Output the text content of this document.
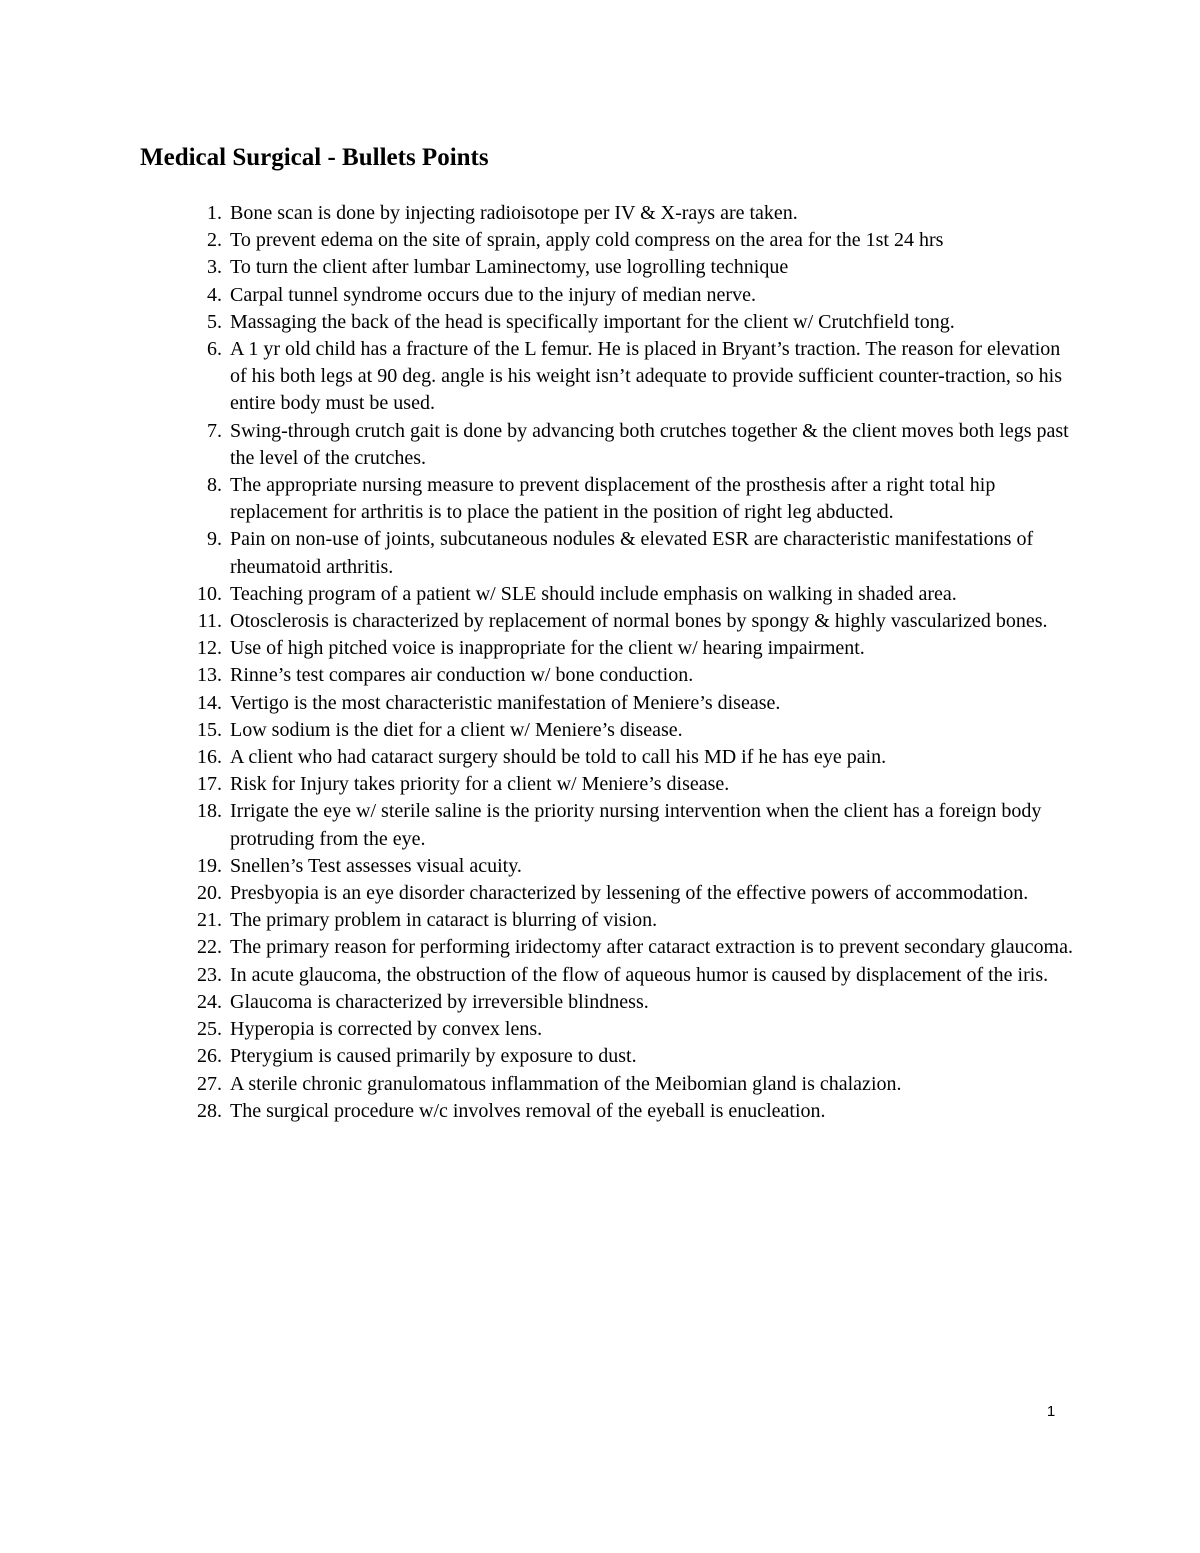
Medical Surgical - Bullets Points
1. Bone scan is done by injecting radioisotope per IV & X-rays are taken.
2. To prevent edema on the site of sprain, apply cold compress on the area for the 1st 24 hrs
3. To turn the client after lumbar Laminectomy, use logrolling technique
4. Carpal tunnel syndrome occurs due to the injury of median nerve.
5. Massaging the back of the head is specifically important for the client w/ Crutchfield tong.
6. A 1 yr old child has a fracture of the L femur. He is placed in Bryant’s traction. The reason for elevation of his both legs at 90 deg. angle is his weight isn’t adequate to provide sufficient counter-traction, so his entire body must be used.
7. Swing-through crutch gait is done by advancing both crutches together & the client moves both legs past the level of the crutches.
8. The appropriate nursing measure to prevent displacement of the prosthesis after a right total hip replacement for arthritis is to place the patient in the position of right leg abducted.
9. Pain on non-use of joints, subcutaneous nodules & elevated ESR are characteristic manifestations of rheumatoid arthritis.
10. Teaching program of a patient w/ SLE should include emphasis on walking in shaded area.
11. Otosclerosis is characterized by replacement of normal bones by spongy & highly vascularized bones.
12. Use of high pitched voice is inappropriate for the client w/ hearing impairment.
13. Rinne’s test compares air conduction w/ bone conduction.
14. Vertigo is the most characteristic manifestation of Meniere’s disease.
15. Low sodium is the diet for a client w/ Meniere’s disease.
16. A client who had cataract surgery should be told to call his MD if he has eye pain.
17. Risk for Injury takes priority for a client w/ Meniere’s disease.
18. Irrigate the eye w/ sterile saline is the priority nursing intervention when the client has a foreign body protruding from the eye.
19. Snellen’s Test assesses visual acuity.
20. Presbyopia is an eye disorder characterized by lessening of the effective powers of accommodation.
21. The primary problem in cataract is blurring of vision.
22. The primary reason for performing iridectomy after cataract extraction is to prevent secondary glaucoma.
23. In acute glaucoma, the obstruction of the flow of aqueous humor is caused by displacement of the iris.
24. Glaucoma is characterized by irreversible blindness.
25. Hyperopia is corrected by convex lens.
26. Pterygium is caused primarily by exposure to dust.
27. A sterile chronic granulomatous inflammation of the Meibomian gland is chalazion.
28. The surgical procedure w/c involves removal of the eyeball is enucleation.
1
